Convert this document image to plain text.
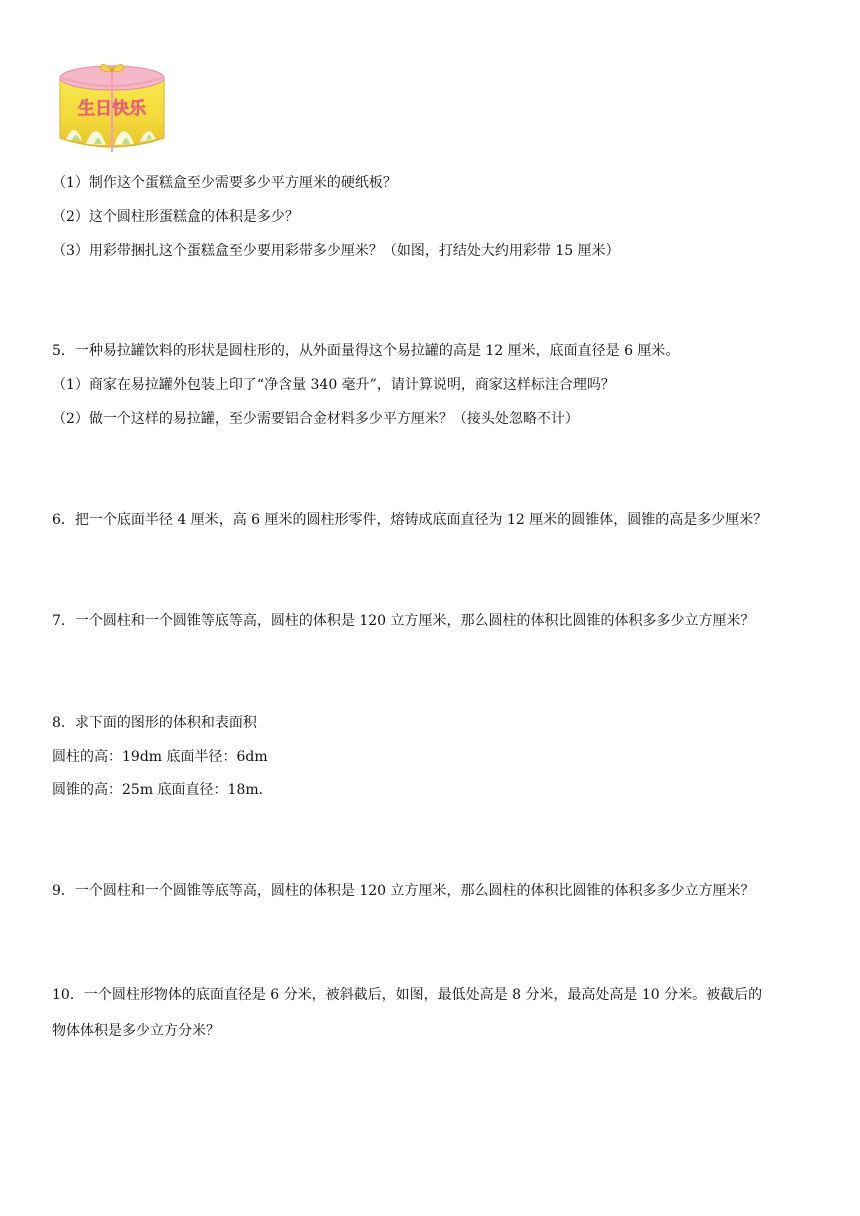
生日快乐
（1）制作这个蛋糕盒至少需要多少平方厘米的硬纸板？
（2）这个圆柱形蛋糕盒的体积是多少？
（3）用彩带捆扎这个蛋糕盒至少要用彩带多少厘米？（如图，打结处大约用彩带 15 厘米）
5．一种易拉罐饮料的形状是圆柱形的，从外面量得这个易拉罐的高是 12 厘米，底面直径是 6 厘米。
（1）商家在易拉罐外包装上印了“净含量 340 毫升”，请计算说明，商家这样标注合理吗？
（2）做一个这样的易拉罐，至少需要铝合金材料多少平方厘米？（接头处忽略不计）
6．把一个底面半径 4 厘米，高 6 厘米的圆柱形零件，熔铸成底面直径为 12 厘米的圆锥体，圆锥的高是多少厘米？
7．一个圆柱和一个圆锥等底等高，圆柱的体积是 120 立方厘米，那么圆柱的体积比圆锥的体积多多少立方厘米？
8．求下面的图形的体积和表面积
圆柱的高：19dm 底面半径：6dm
圆锥的高：25m 底面直径：18m.
9．一个圆柱和一个圆锥等底等高，圆柱的体积是 120 立方厘米，那么圆柱的体积比圆锥的体积多多少立方厘米？
10．一个圆柱形物体的底面直径是 6 分米，被斜截后，如图，最低处高是 8 分米，最高处高是 10 分米。被截后的
物体体积是多少立方分米？
